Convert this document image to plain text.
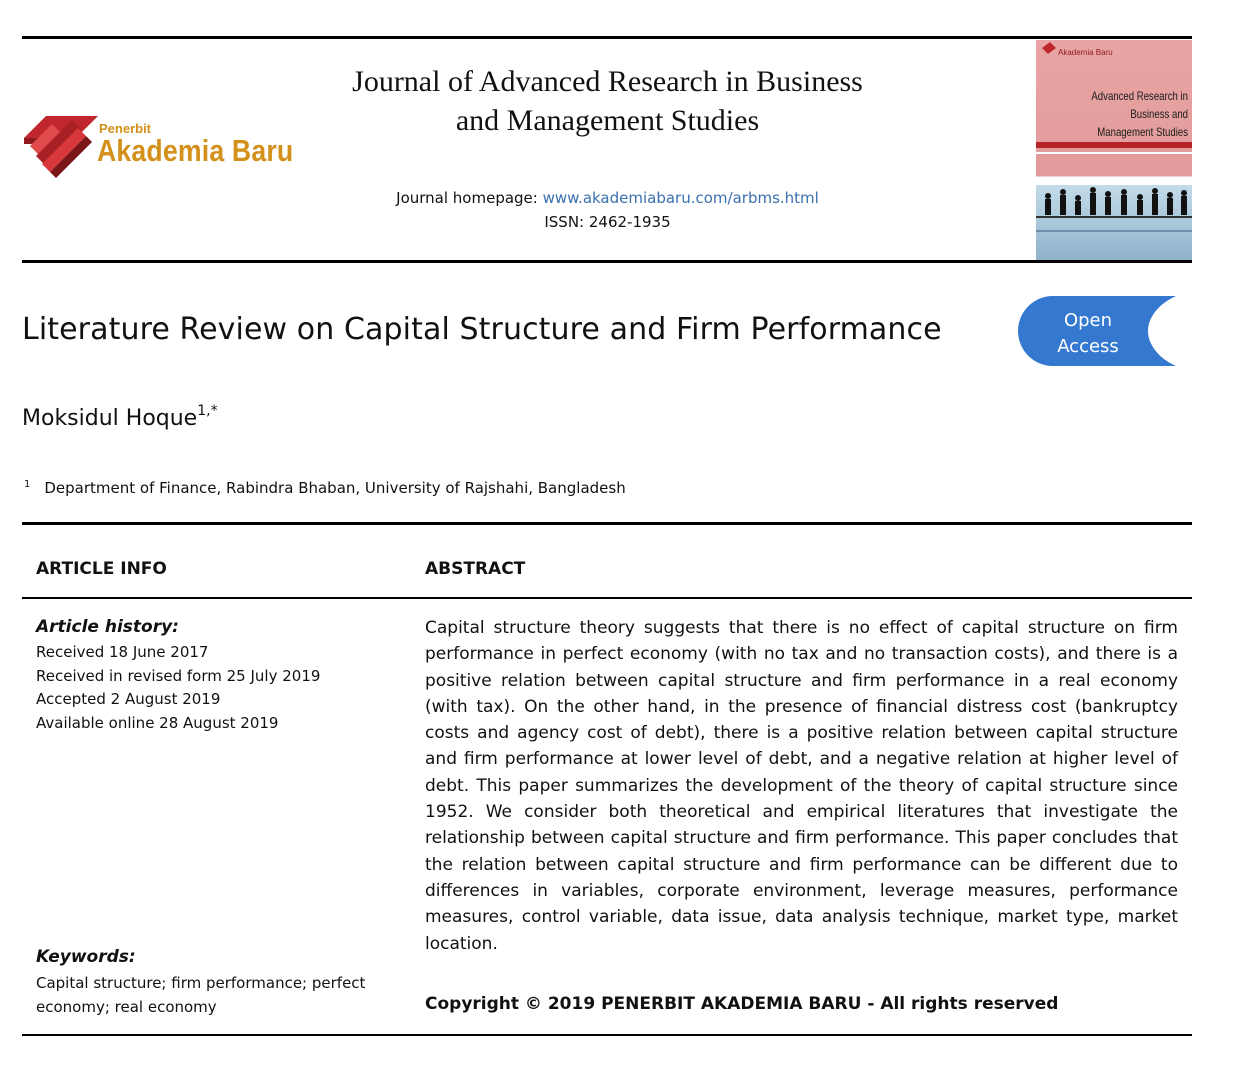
Penerbit
Akademia Baru
Journal of Advanced Research in Business
and Management Studies
Journal homepage: www.akademiabaru.com/arbms.html
ISSN: 2462-1935
Akademia Baru
Advanced Research in
Business and
Management Studies
Literature Review on Capital Structure and Firm Performance	Open
Access
Moksidul Hoque$^{1,*}$
$^1$ Department of Finance, Rabindra Bhaban, University of Rajshahi, Bangladesh
ARTICLE INFO
Article history:
Received 18 June 2017
Received in revised form 25 July 2019
Accepted 2 August 2019
Available online 28 August 2019
Keywords:
Capital structure; firm performance; perfect
economy; real economy
ABSTRACT
Capital structure theory suggests that there is no effect of capital structure on firm performance in perfect economy (with no tax and no transaction costs), and there is a positive relation between capital structure and firm performance in a real economy (with tax). On the other hand, in the presence of financial distress cost (bankruptcy costs and agency cost of debt), there is a positive relation between capital structure and firm performance at lower level of debt, and a negative relation at higher level of debt. This paper summarizes the development of the theory of capital structure since 1952. We consider both theoretical and empirical literatures that investigate the relationship between capital structure and firm performance. This paper concludes that the relation between capital structure and firm performance can be different due to differences in variables, corporate environment, leverage measures, performance measures, control variable, data issue, data analysis technique, market type, market location.
Copyright © 2019 PENERBIT AKADEMIA BARU - All rights reserved
